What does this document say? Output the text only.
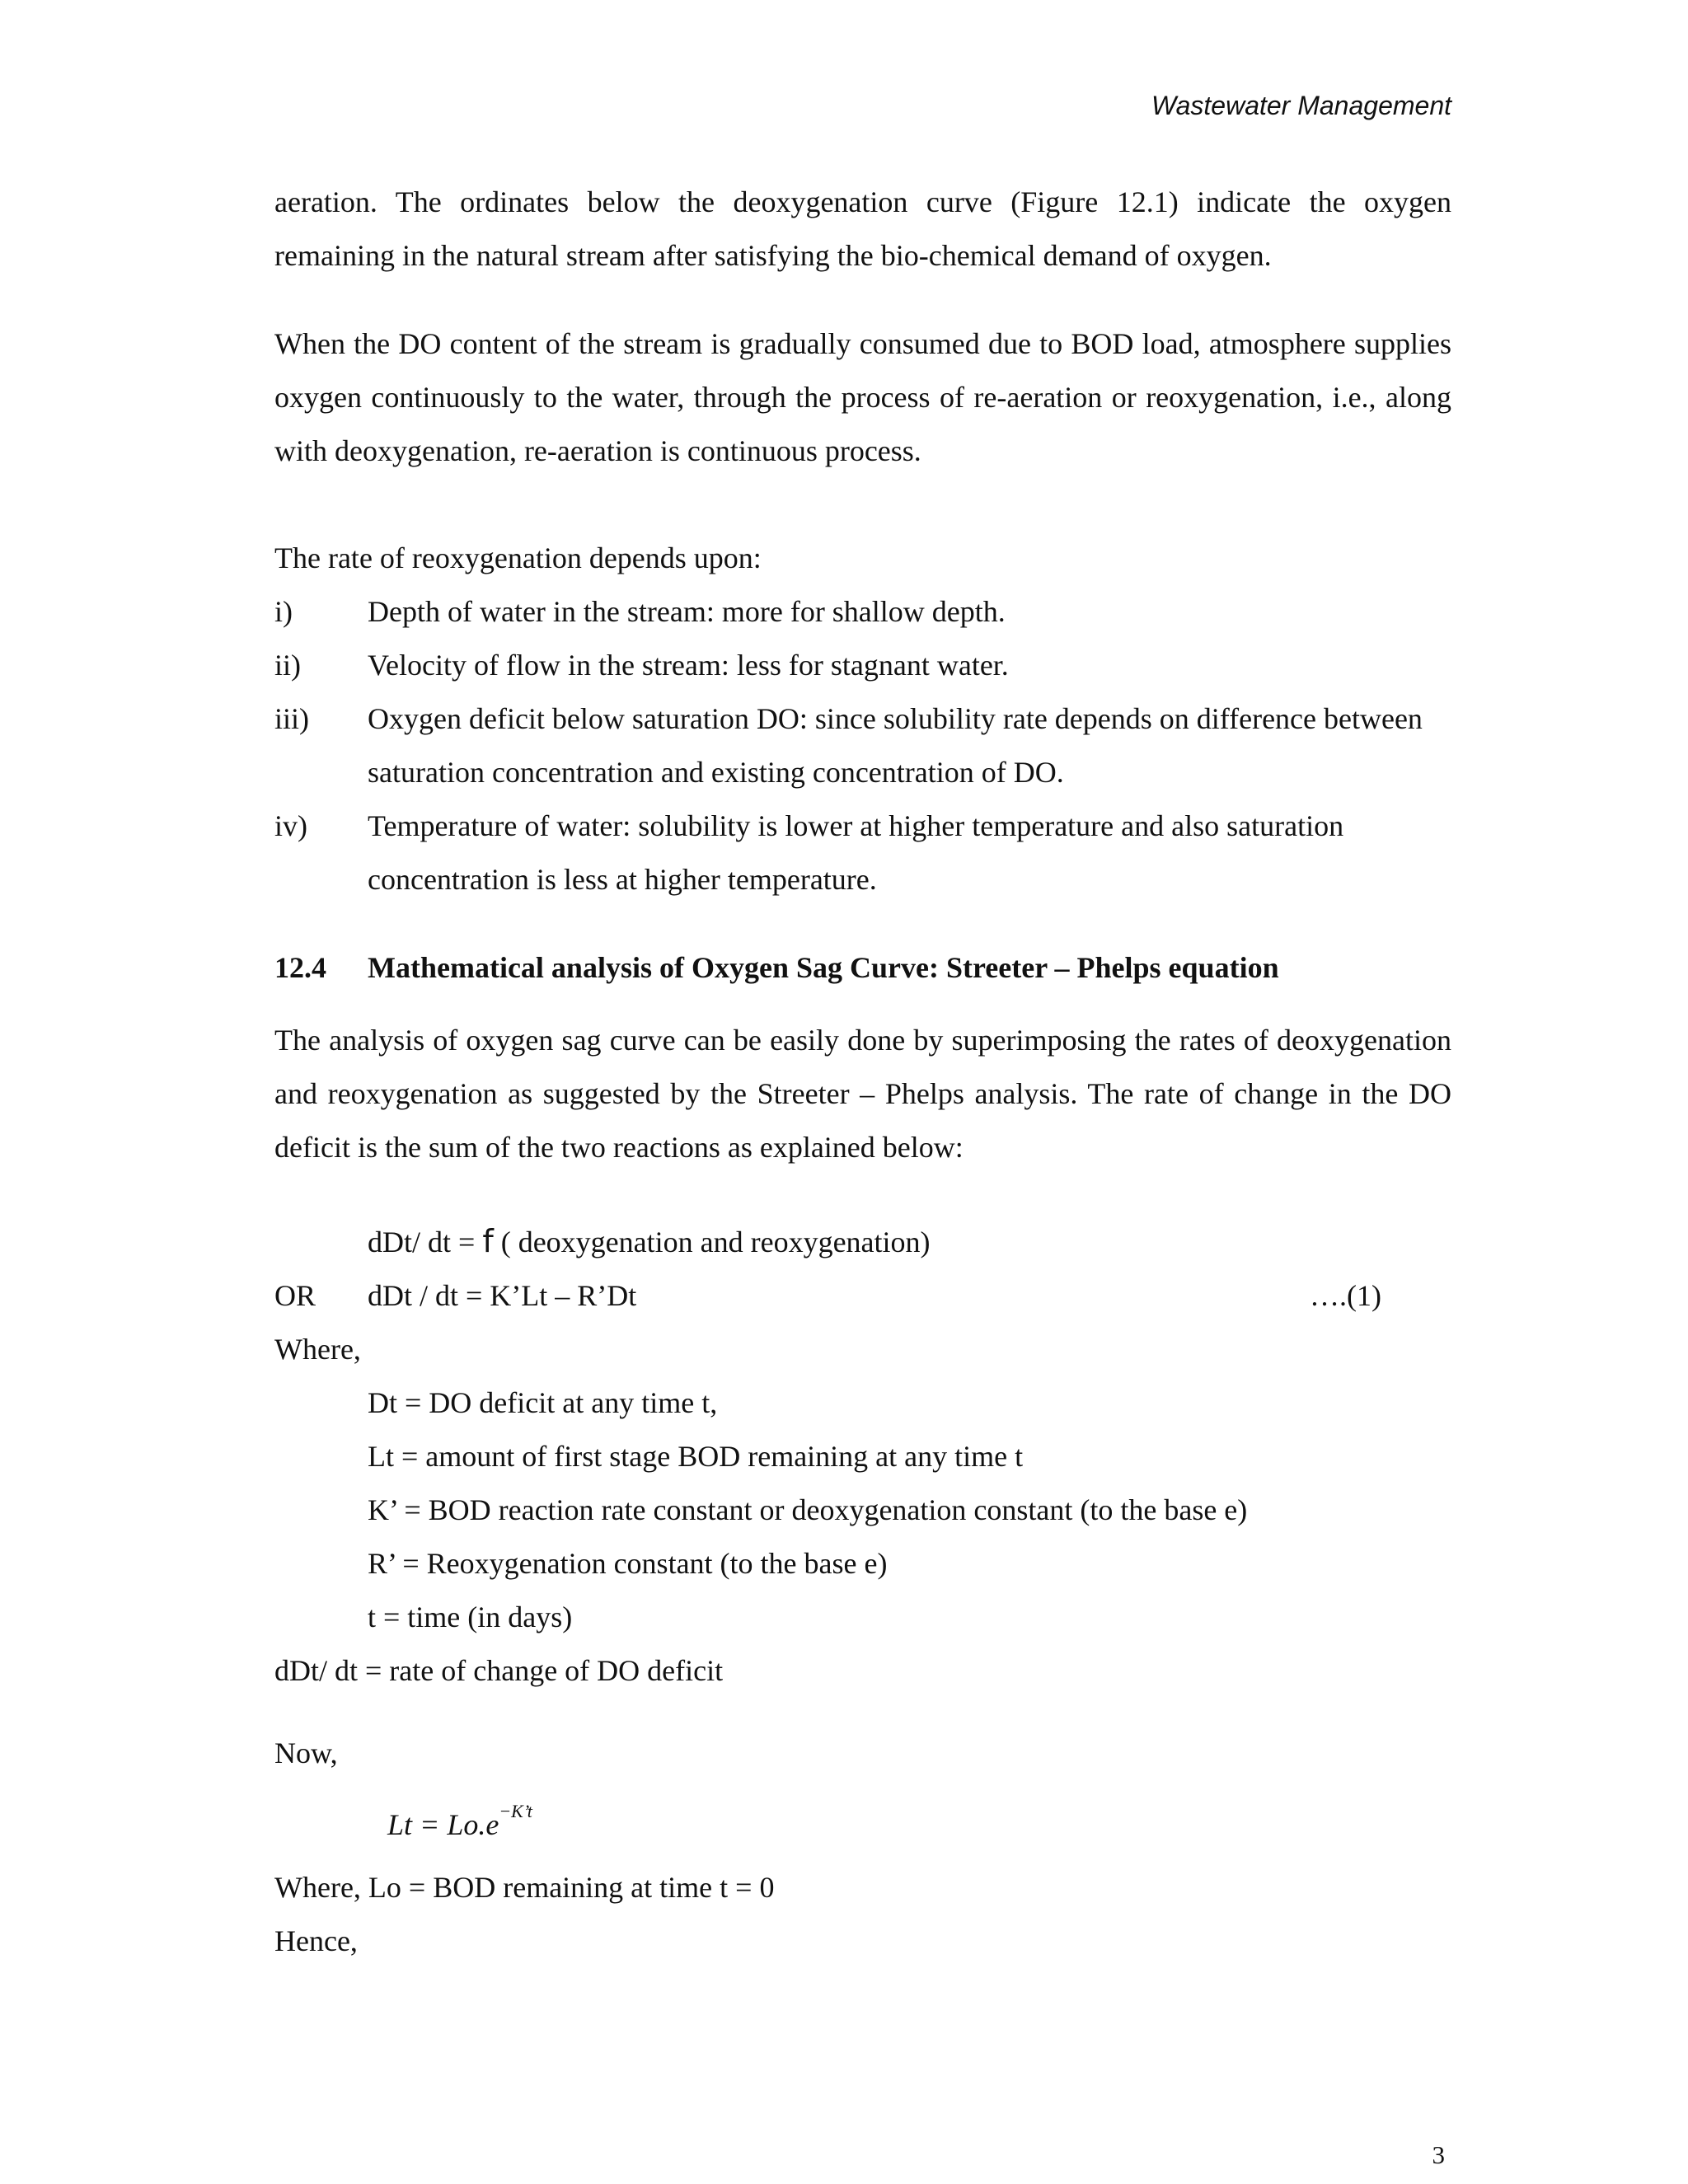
Wastewater Management
aeration. The ordinates below the deoxygenation curve (Figure 12.1) indicate the oxygen remaining in the natural stream after satisfying the bio-chemical demand of oxygen.
When the DO content of the stream is gradually consumed due to BOD load, atmosphere supplies oxygen continuously to the water, through the process of re-aeration or reoxygenation, i.e., along with deoxygenation, re-aeration is continuous process.
The rate of reoxygenation depends upon:
i)	Depth of water in the stream: more for shallow depth.
ii)	Velocity of flow in the stream: less for stagnant water.
iii)	Oxygen deficit below saturation DO: since solubility rate depends on difference between saturation concentration and existing concentration of DO.
iv)	Temperature of water: solubility is lower at higher temperature and also saturation concentration is less at higher temperature.
12.4	Mathematical analysis of Oxygen Sag Curve: Streeter – Phelps equation
The analysis of oxygen sag curve can be easily done by superimposing the rates of deoxygenation and reoxygenation as suggested by the Streeter – Phelps analysis. The rate of change in the DO deficit is the sum of the two reactions as explained below:
dDt/ dt = f ( deoxygenation and reoxygenation)
OR	dDt / dt = K’Lt – R’Dt	….(1)
Where,
Dt = DO deficit at any time t,
Lt = amount of first stage BOD remaining at any time t
K’ = BOD reaction rate constant or deoxygenation constant (to the base e)
R’ = Reoxygenation constant (to the base e)
t = time (in days)
dDt/ dt = rate of change of DO deficit
Now,
$Lt = Lo.e^{-K’t}$
Where, Lo = BOD remaining at time t = 0
Hence,
3
